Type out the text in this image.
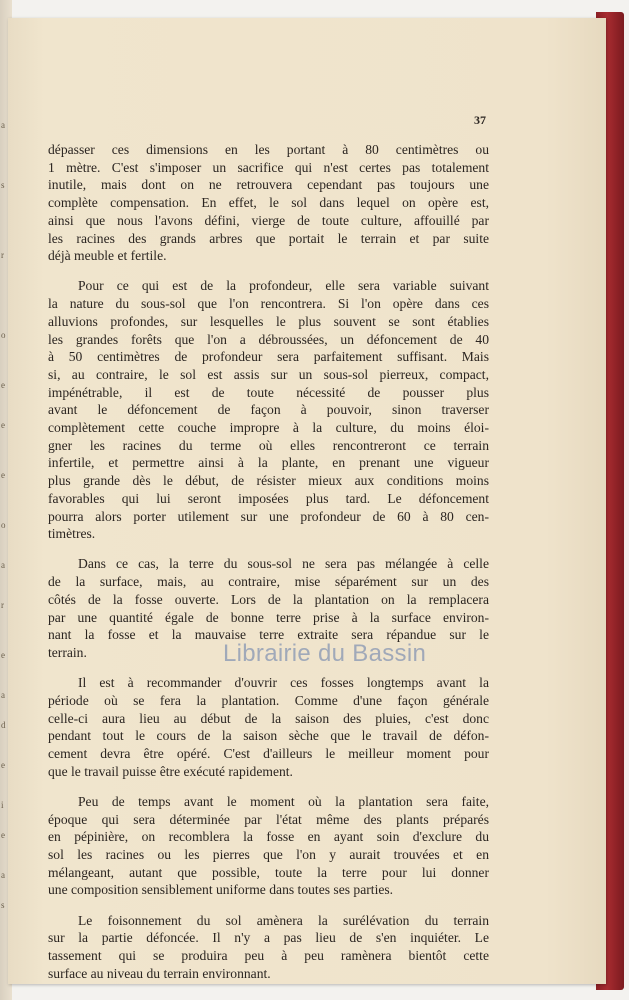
a
s
r
o
e
e
e
o
a
r
e
a
d
e
i
e
a
s
37

dépasser ces dimensions en les portant à 80 centimètres ou
1 mètre. C'est s'imposer un sacrifice qui n'est certes pas totalement
inutile, mais dont on ne retrouvera cependant pas toujours une
complète compensation. En effet, le sol dans lequel on opère est,
ainsi que nous l'avons défini, vierge de toute culture, affouillé par
les racines des grands arbres que portait le terrain et par suite
déjà meuble et fertile.

Pour ce qui est de la profondeur, elle sera variable suivant
la nature du sous-sol que l'on rencontrera. Si l'on opère dans ces
alluvions profondes, sur lesquelles le plus souvent se sont établies
les grandes forêts que l'on a débroussées, un défoncement de 40
à 50 centimètres de profondeur sera parfaitement suffisant. Mais
si, au contraire, le sol est assis sur un sous-sol pierreux, compact,
impénétrable, il est de toute nécessité de pousser plus
avant le défoncement de façon à pouvoir, sinon traverser
complètement cette couche impropre à la culture, du moins éloi-
gner les racines du terme où elles rencontreront ce terrain
infertile, et permettre ainsi à la plante, en prenant une vigueur
plus grande dès le début, de résister mieux aux conditions moins
favorables qui lui seront imposées plus tard. Le défoncement
pourra alors porter utilement sur une profondeur de 60 à 80 cen-
timètres.

Dans ce cas, la terre du sous-sol ne sera pas mélangée à celle
de la surface, mais, au contraire, mise séparément sur un des
côtés de la fosse ouverte. Lors de la plantation on la remplacera
par une quantité égale de bonne terre prise à la surface environ-
nant la fosse et la mauvaise terre extraite sera répandue sur le
terrain.

Il est à recommander d'ouvrir ces fosses longtemps avant la
période où se fera la plantation. Comme d'une façon générale
celle-ci aura lieu au début de la saison des pluies, c'est donc
pendant tout le cours de la saison sèche que le travail de défon-
cement devra être opéré. C'est d'ailleurs le meilleur moment pour
que le travail puisse être exécuté rapidement.

Peu de temps avant le moment où la plantation sera faite,
époque qui sera déterminée par l'état même des plants préparés
en pépinière, on recomblera la fosse en ayant soin d'exclure du
sol les racines ou les pierres que l'on y aurait trouvées et en
mélangeant, autant que possible, toute la terre pour lui donner
une composition sensiblement uniforme dans toutes ses parties.

Le foisonnement du sol amènera la surélévation du terrain
sur la partie défoncée. Il n'y a pas lieu de s'en inquiéter. Le
tassement qui se produira peu à peu ramènera bientôt cette
surface au niveau du terrain environnant.

Librairie du Bassin
